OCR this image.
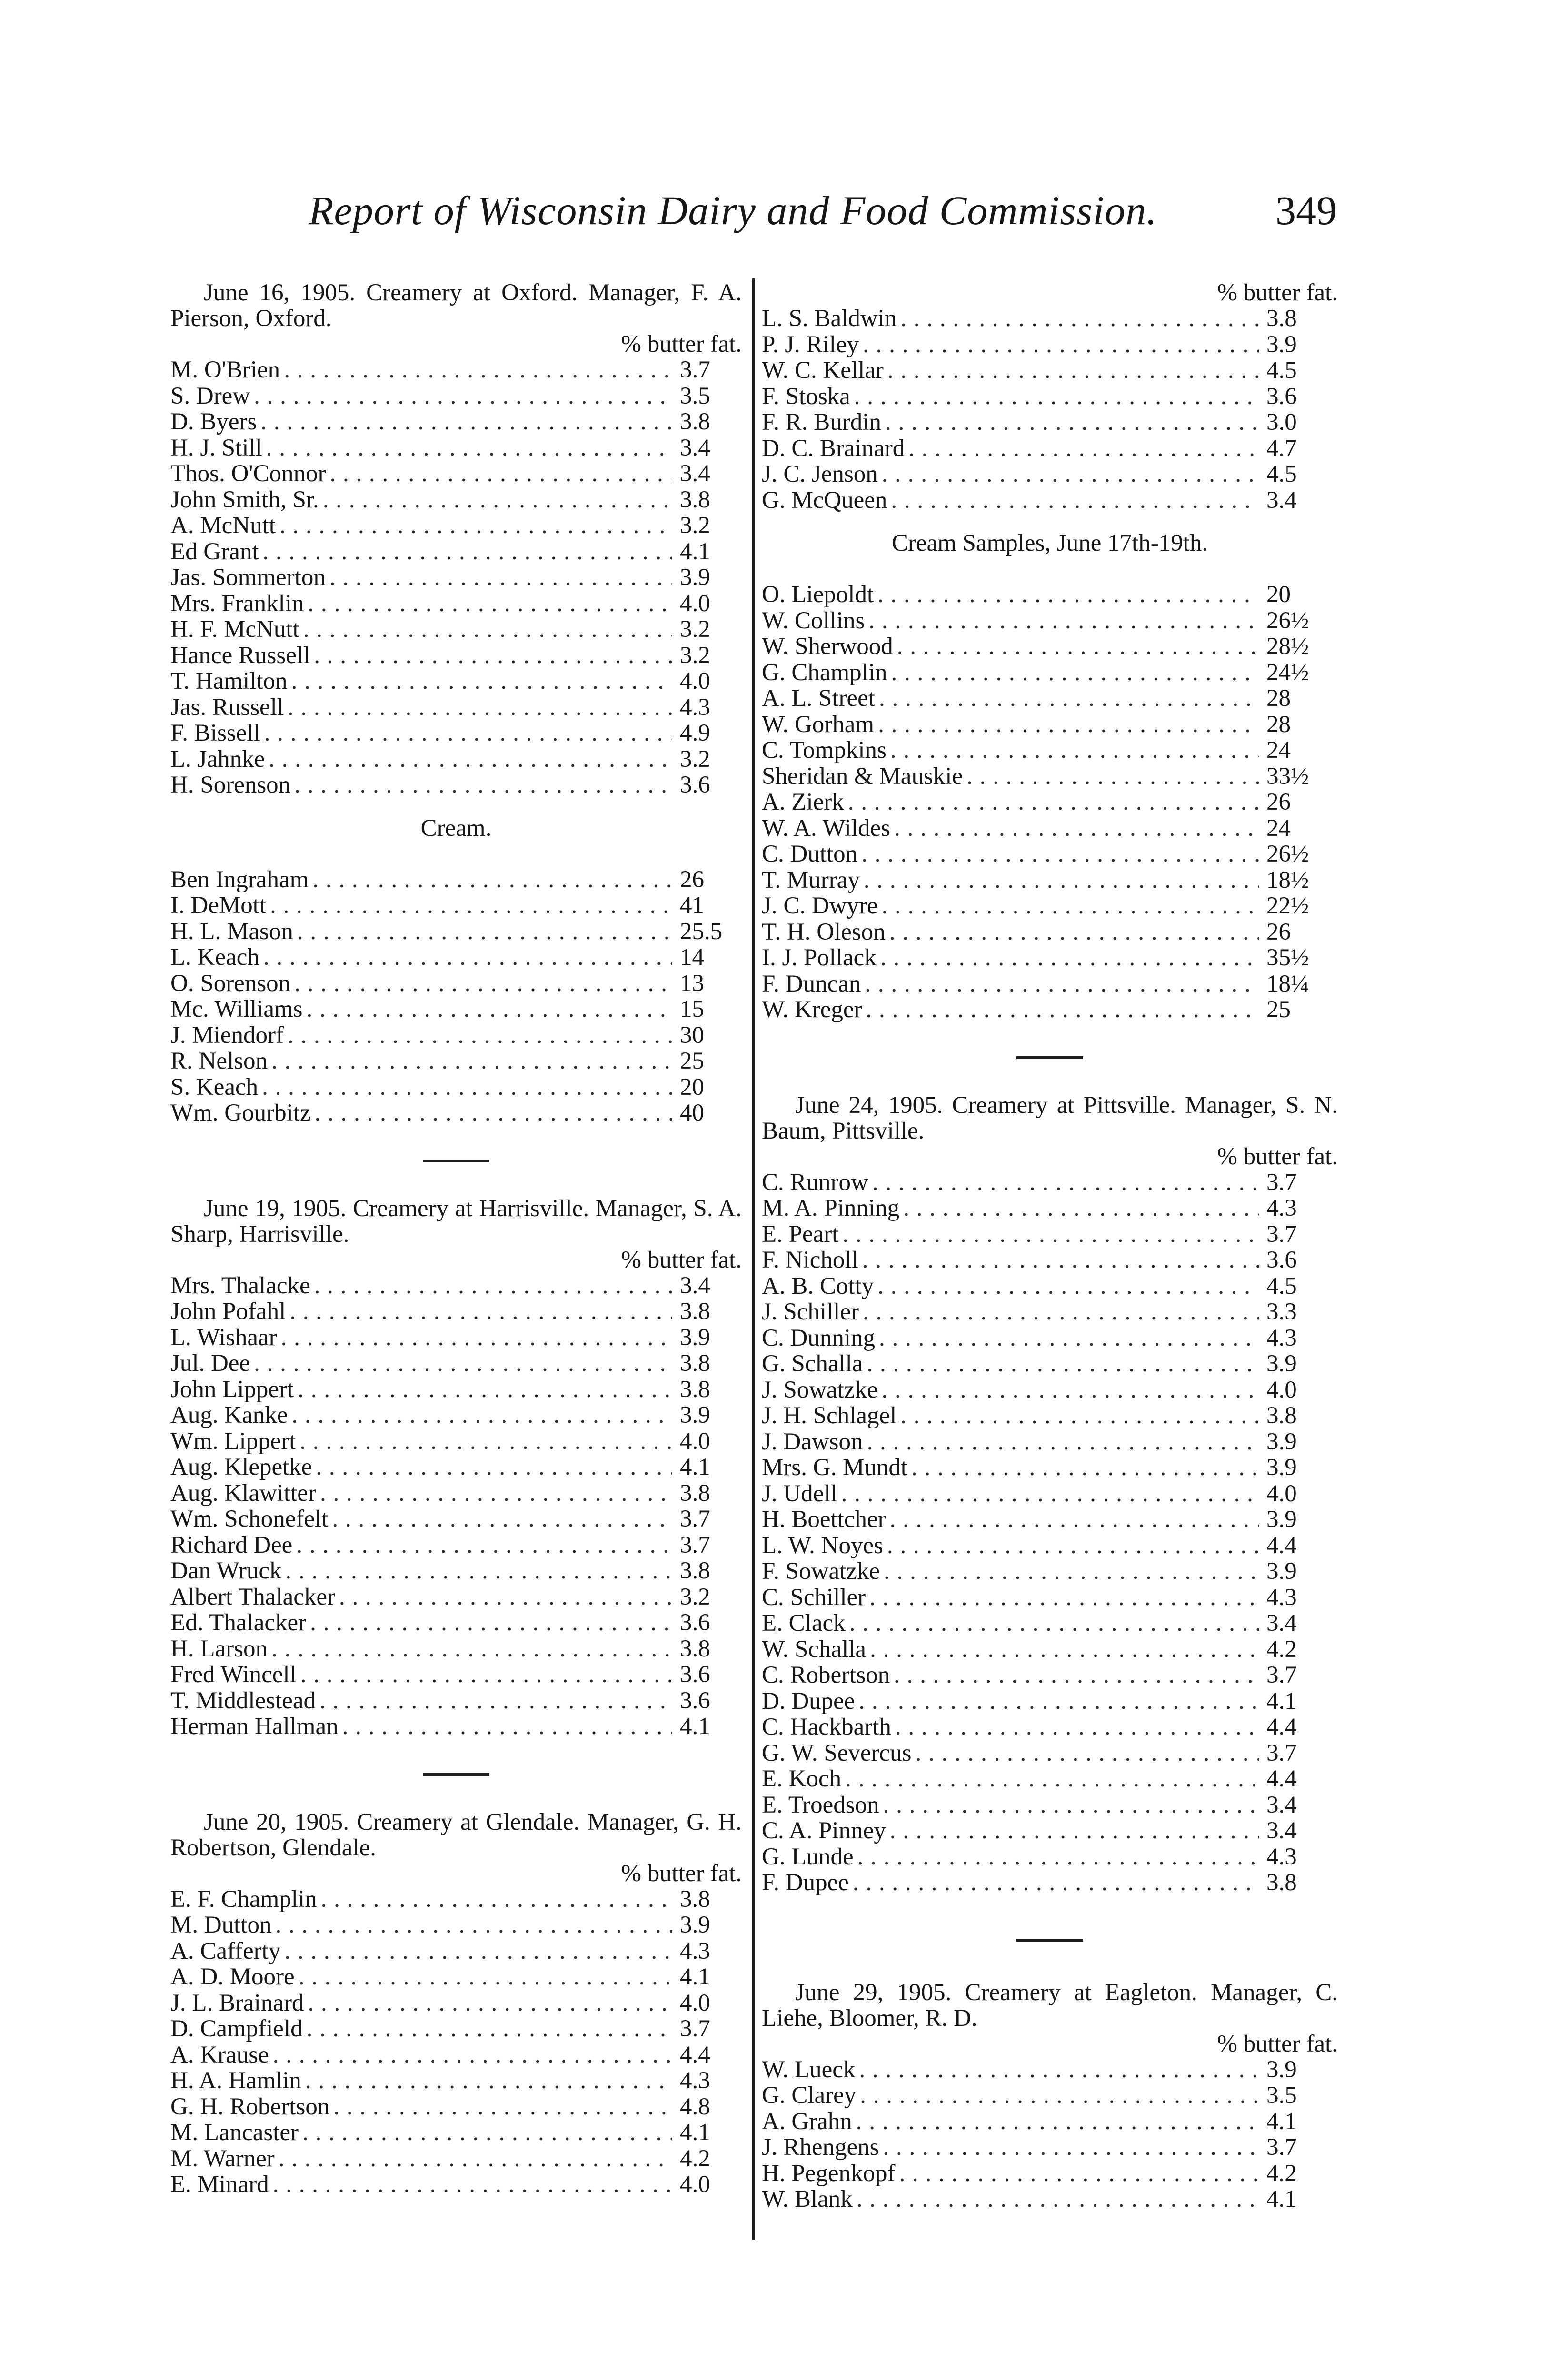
Report of Wisconsin Dairy and Food Commission.	349

June 16, 1905. Creamery at Oxford. Manager, F. A. Pierson, Oxford.

% butter fat.

M. O'Brien . . .	3.7
S. Drew . . .	3.5
D. Byers . . .	3.8
H. J. Still . . .	3.4
Thos. O'Connor . . .	3.4
John Smith, Sr. . . .	3.8
A. McNutt . . .	3.2
Ed Grant . . .	4.1
Jas. Sommerton . . .	3.9
Mrs. Franklin . . .	4.0
H. F. McNutt . . .	3.2
Hance Russell . . .	3.2
T. Hamilton . . .	4.0
Jas. Russell . . .	4.3
F. Bissell . . .	4.9
L. Jahnke . . .	3.2
H. Sorenson . . .	3.6

Cream.

Ben Ingraham . . .	26
I. DeMott . . .	41
H. L. Mason . . .	25.5
L. Keach . . .	14
O. Sorenson . . .	13
Mc. Williams . . .	15
J. Miendorf . . .	30
R. Nelson . . .	25
S. Keach . . .	20
Wm. Gourbitz . . .	40

June 19, 1905. Creamery at Harrisville. Manager, S. A. Sharp, Harrisville.

% butter fat.

Mrs. Thalacke . . .	3.4
John Pofahl . . .	3.8
L. Wishaar . . .	3.9
Jul. Dee . . .	3.8
John Lippert . . .	3.8
Aug. Kanke . . .	3.9
Wm. Lippert . . .	4.0
Aug. Klepetke . . .	4.1
Aug. Klawitter . . .	3.8
Wm. Schonefelt . . .	3.7
Richard Dee . . .	3.7
Dan Wruck . . .	3.8
Albert Thalacker . . .	3.2
Ed. Thalacker . . .	3.6
H. Larson . . .	3.8
Fred Wincell . . .	3.6
T. Middlestead . . .	3.6
Herman Hallman . . .	4.1

June 20, 1905. Creamery at Glendale. Manager, G. H. Robertson, Glendale.

% butter fat.

E. F. Champlin . . .	3.8
M. Dutton . . .	3.9
A. Cafferty . . .	4.3
A. D. Moore . . .	4.1
J. L. Brainard . . .	4.0
D. Campfield . . .	3.7
A. Krause . . .	4.4
H. A. Hamlin . . .	4.3
G. H. Robertson . . .	4.8
M. Lancaster . . .	4.1
M. Warner . . .	4.2
E. Minard . . .	4.0

% butter fat.

L. S. Baldwin . . .	3.8
P. J. Riley . . .	3.9
W. C. Kellar . . .	4.5
F. Stoska . . .	3.6
F. R. Burdin . . .	3.0
D. C. Brainard . . .	4.7
J. C. Jenson . . .	4.5
G. McQueen . . .	3.4

Cream Samples, June 17th-19th.

O. Liepoldt . . .	20
W. Collins . . .	26½
W. Sherwood . . .	28½
G. Champlin . . .	24½
A. L. Street . . .	28
W. Gorham . . .	28
C. Tompkins . . .	24
Sheridan & Mauskie . . .	33½
A. Zierk . . .	26
W. A. Wildes . . .	24
C. Dutton . . .	26½
T. Murray . . .	18½
J. C. Dwyre . . .	22½
T. H. Oleson . . .	26
I. J. Pollack . . .	35½
F. Duncan . . .	18¼
W. Kreger . . .	25

June 24, 1905. Creamery at Pittsville. Manager, S. N. Baum, Pittsville.

% butter fat.

C. Runrow . . .	3.7
M. A. Pinning . . .	4.3
E. Peart . . .	3.7
F. Nicholl . . .	3.6
A. B. Cotty . . .	4.5
J. Schiller . . .	3.3
C. Dunning . . .	4.3
G. Schalla . . .	3.9
J. Sowatzke . . .	4.0
J. H. Schlagel . . .	3.8
J. Dawson . . .	3.9
Mrs. G. Mundt . . .	3.9
J. Udell . . .	4.0
H. Boettcher . . .	3.9
L. W. Noyes . . .	4.4
F. Sowatzke . . .	3.9
C. Schiller . . .	4.3
E. Clack . . .	3.4
W. Schalla . . .	4.2
C. Robertson . . .	3.7
D. Dupee . . .	4.1
C. Hackbarth . . .	4.4
G. W. Severcus . . .	3.7
E. Koch . . .	4.4
E. Troedson . . .	3.4
C. A. Pinney . . .	3.4
G. Lunde . . .	4.3
F. Dupee . . .	3.8

June 29, 1905. Creamery at Eagleton. Manager, C. Liehe, Bloomer, R. D.

% butter fat.

W. Lueck . . .	3.9
G. Clarey . . .	3.5
A. Grahn . . .	4.1
J. Rhengens . . .	3.7
H. Pegenkopf . . .	4.2
W. Blank . . .	4.1
